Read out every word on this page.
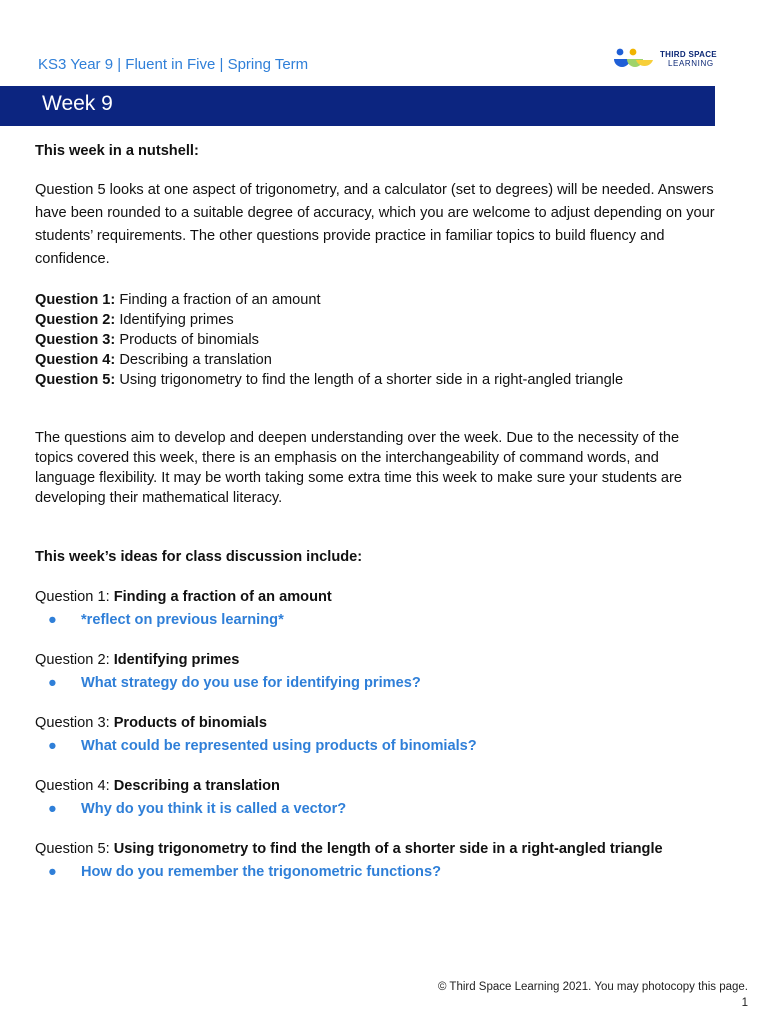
KS3 Year 9 | Fluent in Five | Spring Term
THIRD SPACE
LEARNING
Week 9

This week in a nutshell:

Question 5 looks at one aspect of trigonometry, and a calculator (set to degrees) will be needed. Answers have been rounded to a suitable degree of accuracy, which you are welcome to adjust depending on your students’ requirements. The other questions provide practice in familiar topics to build fluency and confidence.

Question 1: Finding a fraction of an amount
Question 2: Identifying primes
Question 3: Products of binomials
Question 4: Describing a translation
Question 5: Using trigonometry to find the length of a shorter side in a right-angled triangle

The questions aim to develop and deepen understanding over the week. Due to the necessity of the topics covered this week, there is an emphasis on the interchangeability of command words, and language flexibility. It may be worth taking some extra time this week to make sure your students are developing their mathematical literacy.

This week’s ideas for class discussion include:

Question 1: Finding a fraction of an amount
● *reflect on previous learning*
Question 2: Identifying primes
● What strategy do you use for identifying primes?
Question 3: Products of binomials
● What could be represented using products of binomials?
Question 4: Describing a translation
● Why do you think it is called a vector?
Question 5: Using trigonometry to find the length of a shorter side in a right-angled triangle
● How do you remember the trigonometric functions?
© Third Space Learning 2021. You may photocopy this page.
1
